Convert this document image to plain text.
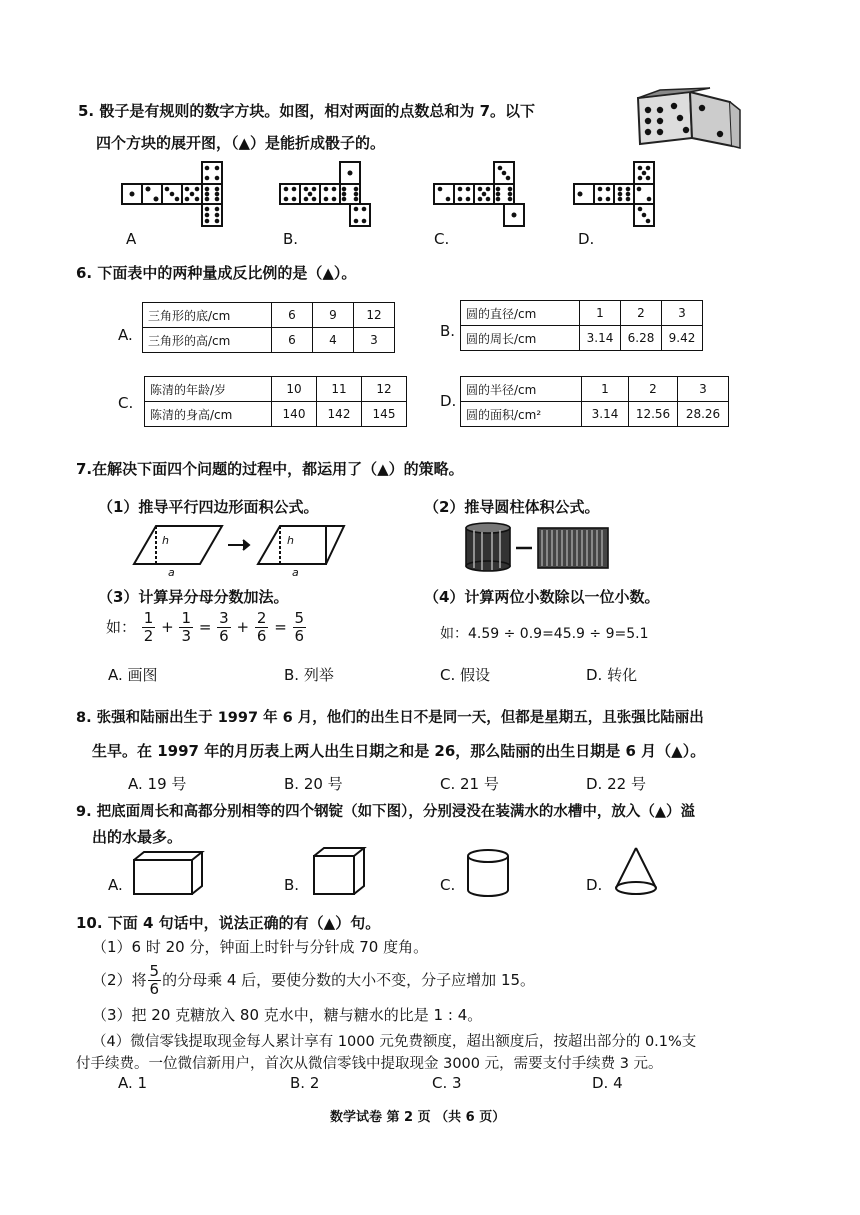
5. 骰子是有规则的数字方块。如图，相对两面的点数总和为 7。以下
四个方块的展开图，（▲）是能折成骰子的。
A	B.	C.	D.
6. 下面表中的两种量成反比例的是（▲）。
A.
三角形的底/cm	6	9	12
三角形的高/cm	6	4	3	B.
圆的直径/cm	1	2	3
圆的周长/cm	3.14	6.28	9.42
C.
陈清的年龄/岁	10	11	12
陈清的身高/cm	140	142	145
D.
圆的半径/cm	1	2	3
圆的面积/cm²	3.14	12.56	28.26
7.在解决下面四个问题的过程中，都运用了（▲）的策略。
（1）推导平行四边形面积公式。	（2）推导圆柱体积公式。
h
a
h
a
（3）计算异分母分数加法。	（4）计算两位小数除以一位小数。
如： $\frac{1}{2} + \frac{1}{3} = \frac{3}{6} + \frac{2}{6} = \frac{5}{6}$	如：4.59 ÷ 0.9=45.9 ÷ 9=5.1
A. 画图	B. 列举	C. 假设	D. 转化
8. 张强和陆丽出生于 1997 年 6 月，他们的出生日不是同一天，但都是星期五，且张强比陆丽出
生早。在 1997 年的月历表上两人出生日期之和是 26，那么陆丽的出生日期是 6 月（▲）。
A. 19 号	B. 20 号	C. 21 号	D. 22 号
9. 把底面周长和高都分别相等的四个钢锭（如下图），分别浸没在装满水的水槽中，放入（▲）溢
出的水最多。
A.	B.	C.	D.
10. 下面 4 句话中，说法正确的有（▲）句。
（1）6 时 20 分，钟面上时针与分针成 70 度角。
（2）将 $\frac{5}{6}$ 的分母乘 4 后，要使分数的大小不变，分子应增加 15。
（3）把 20 克糖放入 80 克水中，糖与糖水的比是 1 : 4。
（4）微信零钱提取现金每人累计享有 1000 元免费额度，超出额度后，按超出部分的 0.1%支
付手续费。一位微信新用户，首次从微信零钱中提取现金 3000 元，需要支付手续费 3 元。
A. 1	B. 2	C. 3	D. 4
数学试卷 第 2 页 （共 6 页）
